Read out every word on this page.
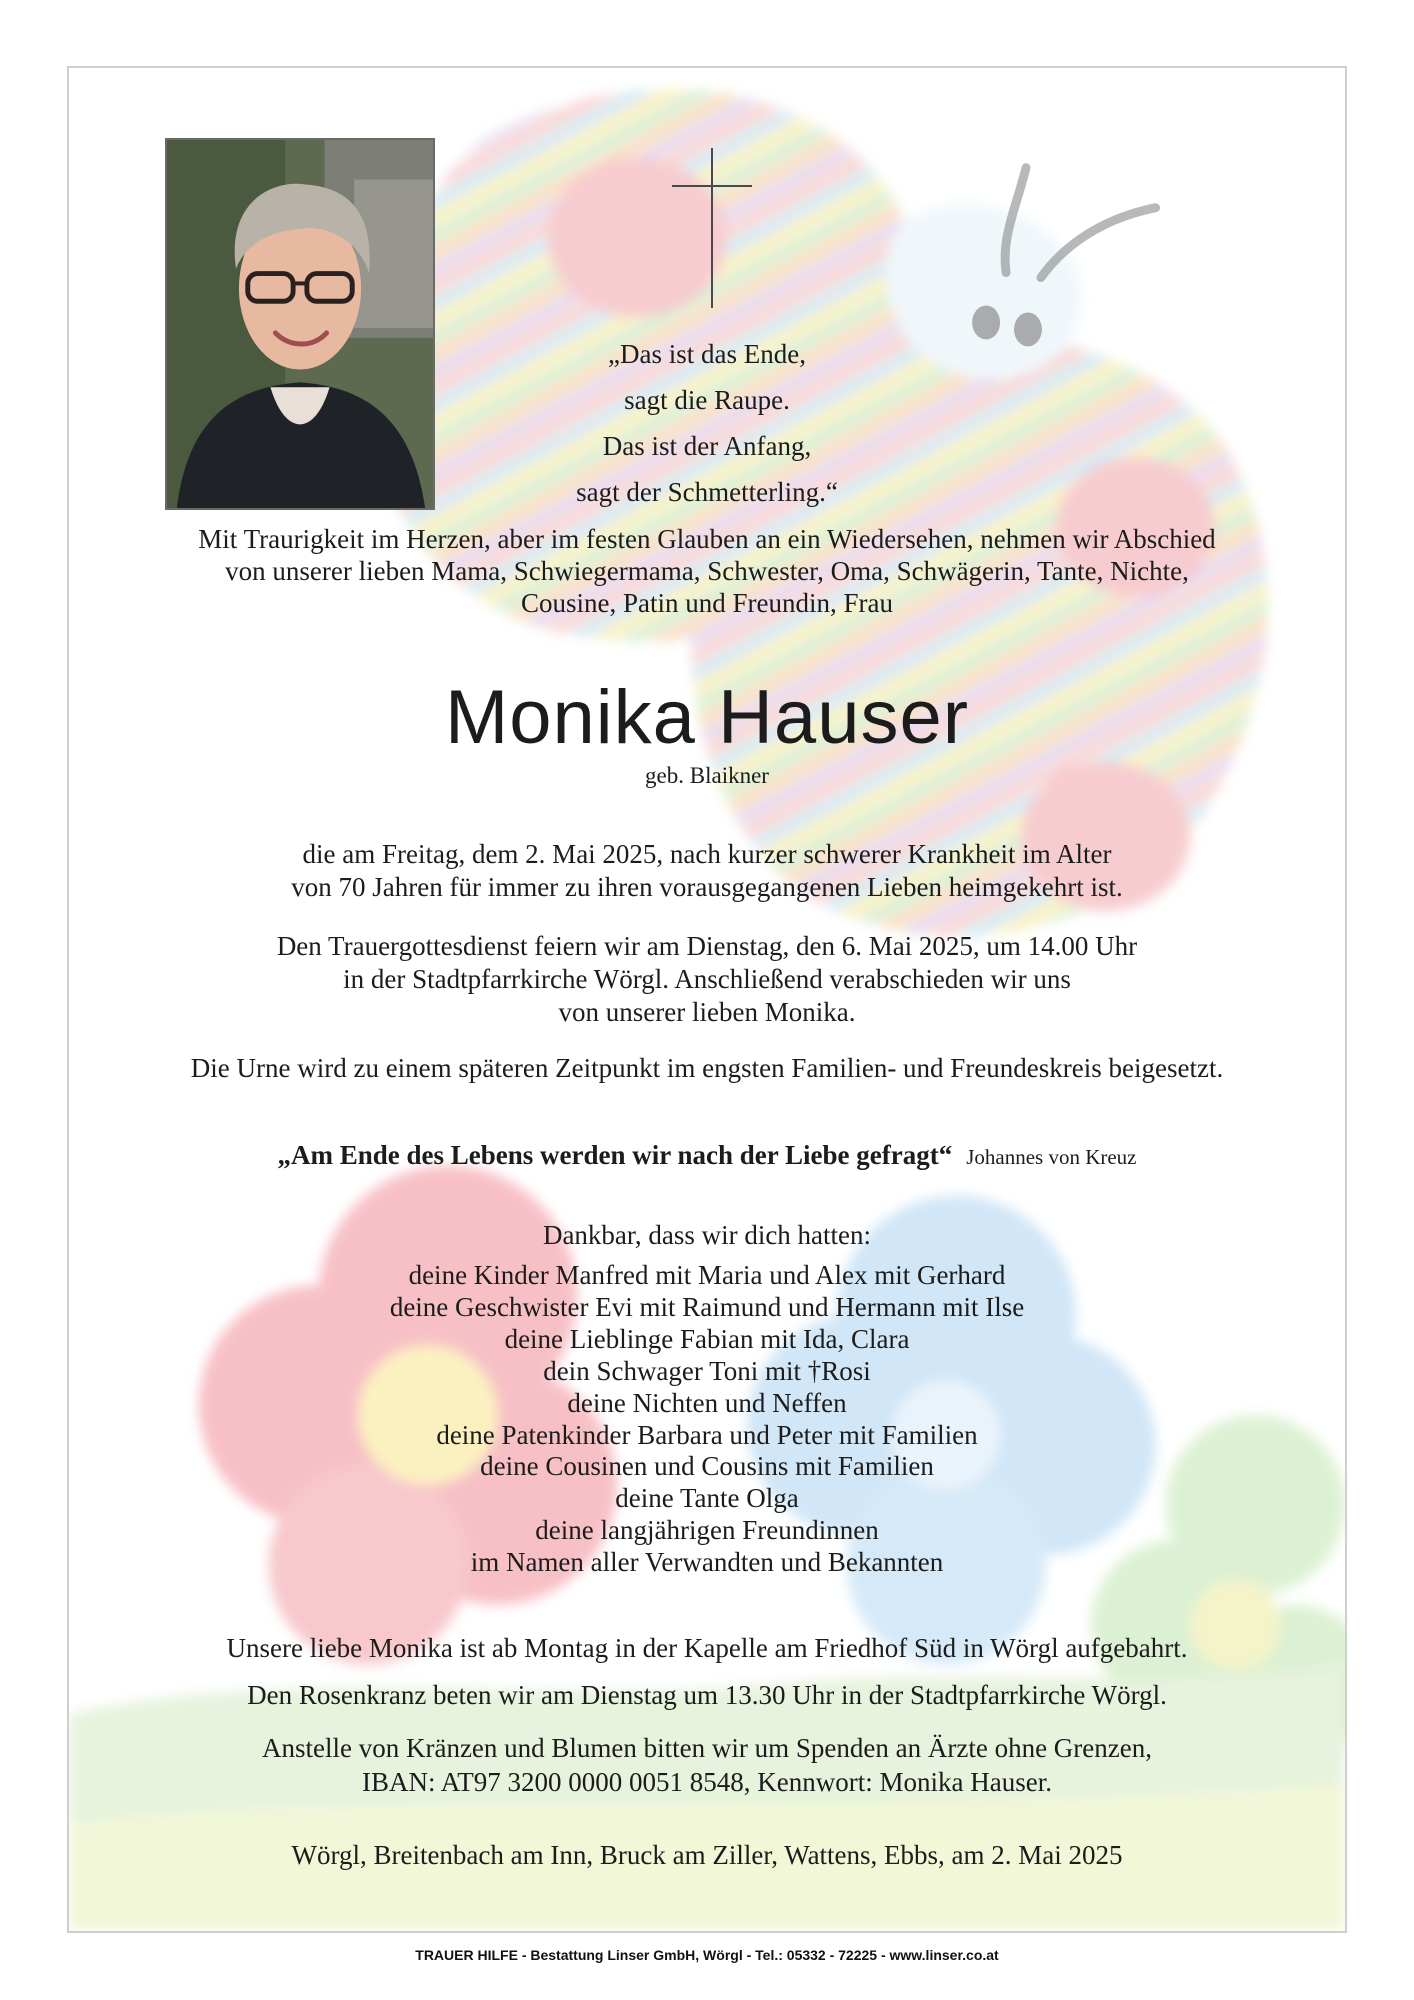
„Das ist das Ende,
sagt die Raupe.
Das ist der Anfang,
sagt der Schmetterling.“
Mit Traurigkeit im Herzen, aber im festen Glauben an ein Wiedersehen, nehmen wir Abschied
von unserer lieben Mama, Schwiegermama, Schwester, Oma, Schwägerin, Tante, Nichte,
Cousine, Patin und Freundin, Frau
Monika Hauser
geb. Blaikner
die am Freitag, dem 2. Mai 2025, nach kurzer schwerer Krankheit im Alter
von 70 Jahren für immer zu ihren vorausgegangenen Lieben heimgekehrt ist.
Den Trauergottesdienst feiern wir am Dienstag, den 6. Mai 2025, um 14.00 Uhr
in der Stadtpfarrkirche Wörgl. Anschließend verabschieden wir uns
von unserer lieben Monika.
Die Urne wird zu einem späteren Zeitpunkt im engsten Familien- und Freundeskreis beigesetzt.
„Am Ende des Lebens werden wir nach der Liebe gefragt“ Johannes von Kreuz
Dankbar, dass wir dich hatten:
deine Kinder Manfred mit Maria und Alex mit Gerhard
deine Geschwister Evi mit Raimund und Hermann mit Ilse
deine Lieblinge Fabian mit Ida, Clara
dein Schwager Toni mit †Rosi
deine Nichten und Neffen
deine Patenkinder Barbara und Peter mit Familien
deine Cousinen und Cousins mit Familien
deine Tante Olga
deine langjährigen Freundinnen
im Namen aller Verwandten und Bekannten
Unsere liebe Monika ist ab Montag in der Kapelle am Friedhof Süd in Wörgl aufgebahrt.
Den Rosenkranz beten wir am Dienstag um 13.30 Uhr in der Stadtpfarrkirche Wörgl.
Anstelle von Kränzen und Blumen bitten wir um Spenden an Ärzte ohne Grenzen,
IBAN: AT97 3200 0000 0051 8548, Kennwort: Monika Hauser.
Wörgl, Breitenbach am Inn, Bruck am Ziller, Wattens, Ebbs, am 2. Mai 2025
TRAUER HILFE - Bestattung Linser GmbH, Wörgl - Tel.: 05332 - 72225 - www.linser.co.at
